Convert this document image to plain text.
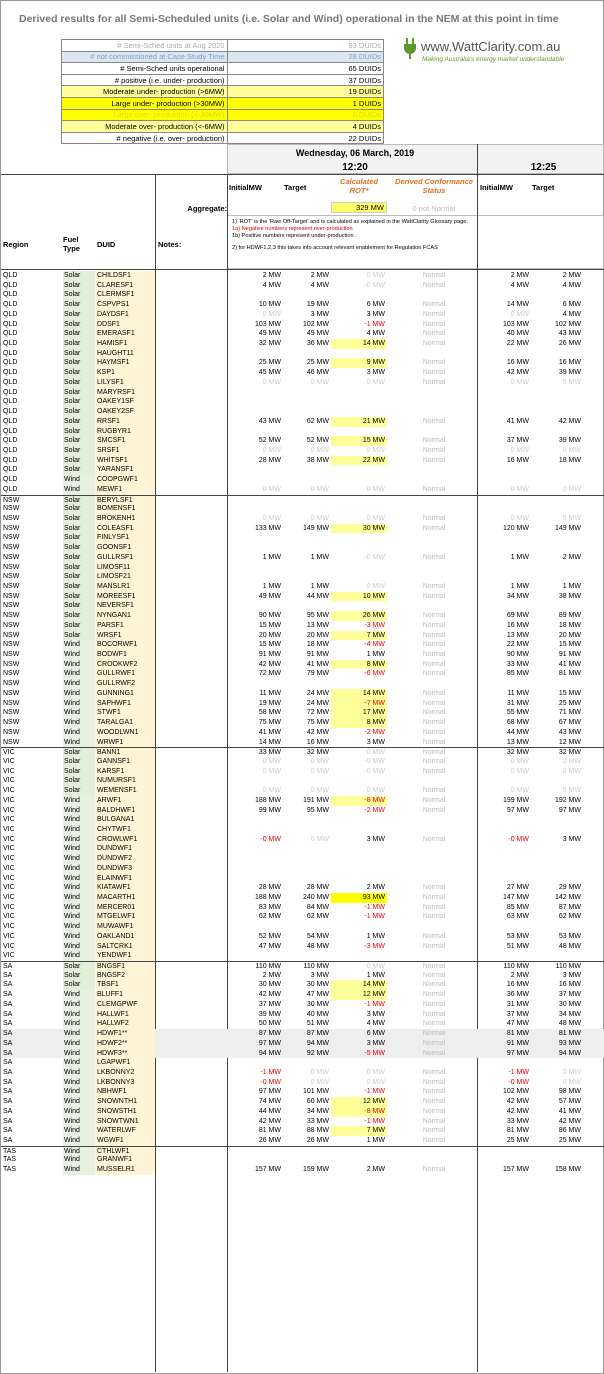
Derived results for all Semi-Scheduled units (i.e. Solar and Wind) operational in the NEM at this point in time
# Semi-Sched units at Aug 2020	93 DUIDs
# not commissioned at Case Study Time	28 DUIDs
# Semi-Sched units operational	65 DUIDs
# positive (i.e. under- production)	37 DUIDs
Moderate under- production (>6MW)	19 DUIDs
Large under- production (>30MW)	1 DUIDs
Large over- production (<-30MW)	0 DUIDs
Moderate over- production (<-6MW)	4 DUIDs
# negative (i.e. over- production)	22 DUIDs
www.WattClarity.com.au
Making Australia's energy market understandable
Wednesday, 06 March, 2019
12:20	12:25
InitialMW	Target
Calculated
ROT*
Derived Conformance
Status	InitialMW	Target
Aggregate:	329 MW	0 not Normal
1) 'ROT' is the 'Raw Off-Target' and is calculated as explained in the WattClarity Glossary page.
1a) Negative numbers represent over-production
1b) Positive numbers represent under-production .
2) for HDWF1,2,3 this takes into account relevant enablement for Regulation FCAS
Region
Fuel
Type DUID	Notes:
QLD	Solar	CHILDSF1	2 MW	2 MW	0 MW	Normal	2 MW	2 MW
QLD	Solar	CLARESF1	4 MW	4 MW	-0 MW	Normal	4 MW	4 MW
QLD	Solar	CLERMSF1
QLD	Solar	CSPVPS1	10 MW	19 MW	6 MW	Normal	14 MW	6 MW
QLD	Solar	DAYDSF1	0 MW	3 MW	3 MW	Normal	0 MW	4 MW
QLD	Solar	DDSF1	103 MW	102 MW	-1 MW	Normal	103 MW	102 MW
QLD	Solar	EMERASF1	49 MW	49 MW	4 MW	Normal	40 MW	43 MW
QLD	Solar	HAMISF1	32 MW	36 MW	14 MW	Normal	22 MW	26 MW
QLD	Solar	HAUGHT11
QLD	Solar	HAYMSF1	25 MW	25 MW	9 MW	Normal	16 MW	16 MW
QLD	Solar	KSP1	45 MW	46 MW	3 MW	Normal	42 MW	39 MW
QLD	Solar	LILYSF1	0 MW	0 MW	0 MW	Normal	0 MW	0 MW
QLD	Solar	MARYRSF1
QLD	Solar	OAKEY1SF
QLD	Solar	OAKEY2SF
QLD	Solar	RRSF1	43 MW	62 MW	21 MW	Normal	41 MW	42 MW
QLD	Solar	RUGBYR1
QLD	Solar	SMCSF1	52 MW	52 MW	15 MW	Normal	37 MW	39 MW
QLD	Solar	SRSF1	0 MW	0 MW	0 MW	Normal	0 MW	0 MW
QLD	Solar	WHITSF1	28 MW	38 MW	22 MW	Normal	16 MW	18 MW
QLD	Solar	YARANSF1
QLD	Wind	COOPGWF1
QLD	Wind	MEWF1	0 MW	0 MW	0 MW	Normal	0 MW	0 MW
NSW	Solar	BERYLSF1
NSW	Solar	BOMENSF1
NSW	Solar	BROKENH1	0 MW	0 MW	0 MW	Normal	0 MW	0 MW
NSW	Solar	COLEASF1	133 MW	149 MW	30 MW	Normal	120 MW	149 MW
NSW	Solar	FINLYSF1
NSW	Solar	GOONSF1
NSW	Solar	GULLRSF1	1 MW	1 MW	-0 MW	Normal	1 MW	2 MW
NSW	Solar	LIMOSF11
NSW	Solar	LIMOSF21
NSW	Solar	MANSLR1	1 MW	1 MW	0 MW	Normal	1 MW	1 MW
NSW	Solar	MOREESF1	49 MW	44 MW	10 MW	Normal	34 MW	38 MW
NSW	Solar	NEVERSF1
NSW	Solar	NYNGAN1	90 MW	95 MW	26 MW	Normal	69 MW	89 MW
NSW	Solar	PARSF1	15 MW	13 MW	-3 MW	Normal	16 MW	18 MW
NSW	Solar	WRSF1	20 MW	20 MW	7 MW	Normal	13 MW	20 MW
NSW	Wind	BOCORWF1	15 MW	18 MW	-4 MW	Normal	22 MW	15 MW
NSW	Wind	BODWF1	91 MW	91 MW	1 MW	Normal	90 MW	91 MW
NSW	Wind	CROOKWF2	42 MW	41 MW	8 MW	Normal	33 MW	41 MW
NSW	Wind	GULLRWF1	72 MW	79 MW	-6 MW	Normal	85 MW	81 MW
NSW	Wind	GULLRWF2
NSW	Wind	GUNNING1	11 MW	24 MW	14 MW	Normal	11 MW	15 MW
NSW	Wind	SAPHWF1	19 MW	24 MW	-7 MW	Normal	31 MW	25 MW
NSW	Wind	STWF1	58 MW	72 MW	17 MW	Normal	55 MW	71 MW
NSW	Wind	TARALGA1	75 MW	75 MW	8 MW	Normal	68 MW	67 MW
NSW	Wind	WOODLWN1	41 MW	42 MW	-2 MW	Normal	44 MW	43 MW
NSW	Wind	WRWF1	14 MW	16 MW	3 MW	Normal	13 MW	12 MW
VIC	Solar	BANN1	33 MW	32 MW	-0 MW	Normal	32 MW	32 MW
VIC	Solar	GANNSF1	0 MW	0 MW	-0 MW	Normal	0 MW	0 MW
VIC	Solar	KARSF1	0 MW	0 MW	-0 MW	Normal	0 MW	0 MW
VIC	Solar	NUMURSF1
VIC	Solar	WEMENSF1	0 MW	0 MW	0 MW	Normal	0 MW	0 MW
VIC	Wind	ARWF1	188 MW	191 MW	-8 MW	Normal	199 MW	192 MW
VIC	Wind	BALDHWF1	99 MW	95 MW	-2 MW	Normal	97 MW	97 MW
VIC	Wind	BULGANA1
VIC	Wind	CHYTWF1
VIC	Wind	CROWLWF1	-0 MW	0 MW	3 MW	Normal	-0 MW	3 MW
VIC	Wind	DUNDWF1
VIC	Wind	DUNDWF2
VIC	Wind	DUNDWF3
VIC	Wind	ELAINWF1
VIC	Wind	KIATAWF1	28 MW	28 MW	2 MW	Normal	27 MW	29 MW
VIC	Wind	MACARTH1	188 MW	240 MW	93 MW	Normal	147 MW	142 MW
VIC	Wind	MERCER01	83 MW	84 MW	-1 MW	Normal	85 MW	87 MW
VIC	Wind	MTGELWF1	62 MW	62 MW	-1 MW	Normal	63 MW	62 MW
VIC	Wind	MUWAWF1
VIC	Wind	OAKLAND1	52 MW	54 MW	1 MW	Normal	53 MW	53 MW
VIC	Wind	SALTCRK1	47 MW	48 MW	-3 MW	Normal	51 MW	48 MW
VIC	Wind	YENDWF1
SA	Solar	BNGSF1	110 MW	110 MW	-0 MW	Normal	110 MW	110 MW
SA	Solar	BNGSF2	2 MW	3 MW	1 MW	Normal	2 MW	3 MW
SA	Solar	TBSF1	30 MW	30 MW	14 MW	Normal	16 MW	16 MW
SA	Wind	BLUFF1	42 MW	47 MW	12 MW	Normal	36 MW	37 MW
SA	Wind	CLEMGPWF	37 MW	30 MW	-1 MW	Normal	31 MW	30 MW
SA	Wind	HALLWF1	39 MW	40 MW	3 MW	Normal	37 MW	34 MW
SA	Wind	HALLWF2	50 MW	51 MW	4 MW	Normal	47 MW	48 MW
SA	Wind	HDWF1**	87 MW	87 MW	6 MW	Normal	81 MW	81 MW
SA	Wind	HDWF2**	97 MW	94 MW	3 MW	Normal	91 MW	93 MW
SA	Wind	HDWF3**	94 MW	92 MW	-5 MW	Normal	97 MW	94 MW
SA	Wind	LGAPWF1
SA	Wind	LKBONNY2	-1 MW	0 MW	0 MW	Normal	-1 MW	0 MW
SA	Wind	LKBONNY3	-0 MW	0 MW	0 MW	Normal	-0 MW	0 MW
SA	Wind	NBHWF1	97 MW	101 MW	-1 MW	Normal	102 MW	98 MW
SA	Wind	SNOWNTH1	74 MW	60 MW	12 MW	Normal	42 MW	57 MW
SA	Wind	SNOWSTH1	44 MW	34 MW	-8 MW	Normal	42 MW	41 MW
SA	Wind	SNOWTWN1	42 MW	33 MW	-1 MW	Normal	33 MW	42 MW
SA	Wind	WATERLWF	81 MW	88 MW	7 MW	Normal	81 MW	86 MW
SA	Wind	WGWF1	26 MW	26 MW	1 MW	Normal	25 MW	25 MW
TAS	Wind	CTHLWF1
TAS	Wind	GRANWF1
TAS	Wind	MUSSELR1	157 MW	159 MW	2 MW	Normal	157 MW	158 MW
